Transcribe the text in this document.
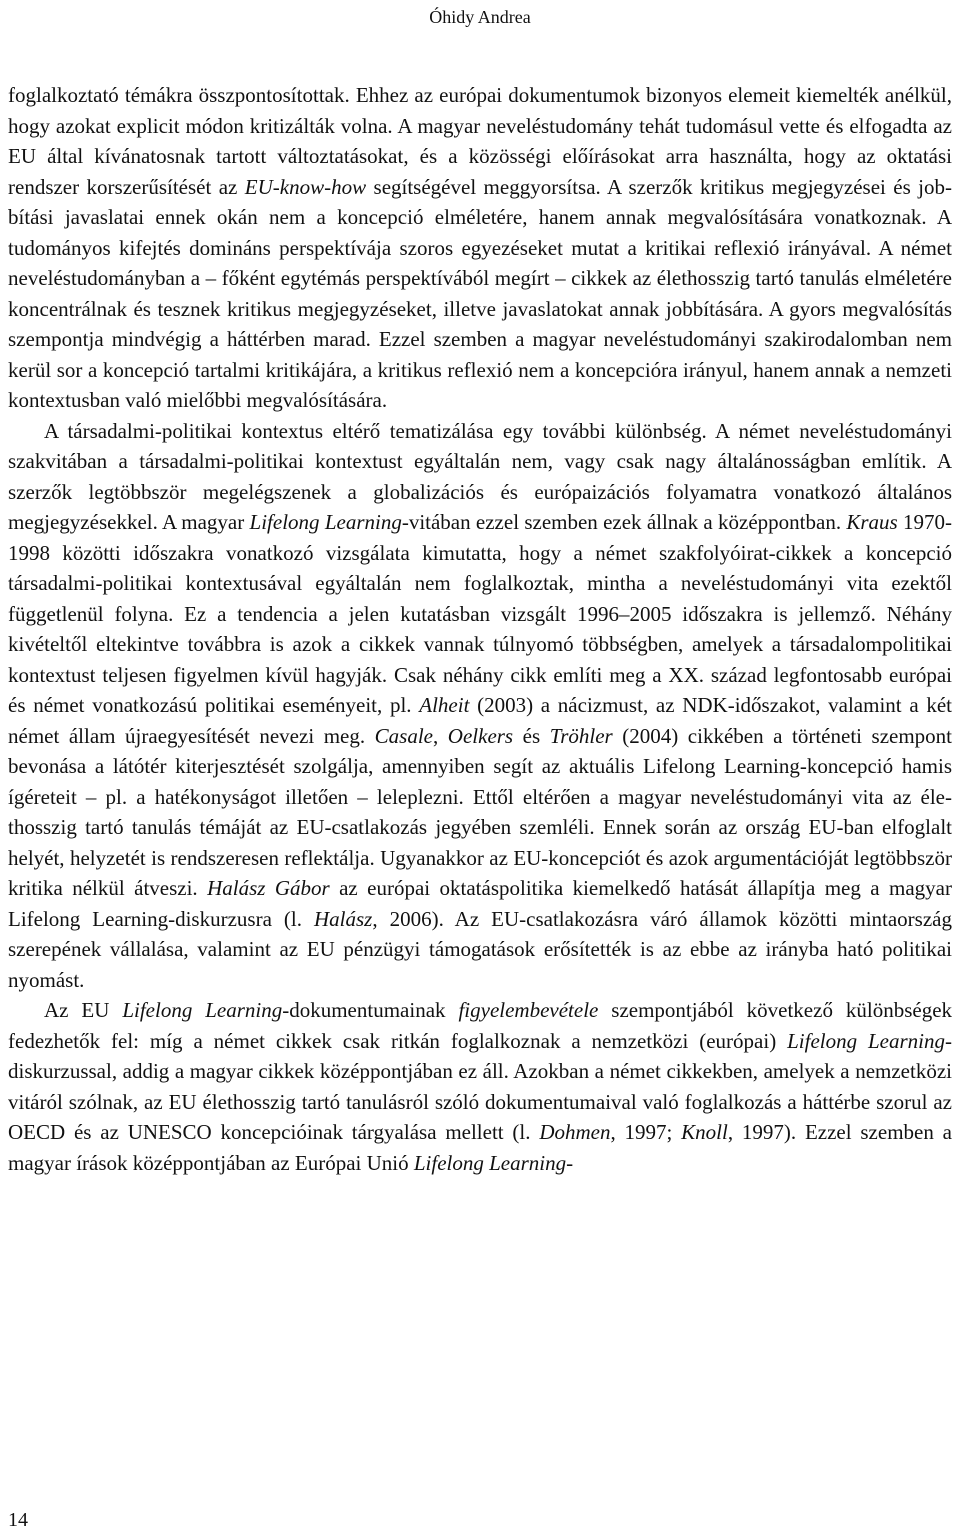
Óhidy Andrea

foglalkoztató témákra összpontosítottak. Ehhez az európai dokumentumok bizonyos elemeit kiemelték anélkül, hogy azokat explicit módon kritizálták volna. A magyar neveléstudomány tehát tudomásul vette és elfogadta az EU által kívánatosnak tartott változtatásokat, és a közösségi előírásokat arra használta, hogy az oktatási rendszer korszerűsítését az EU-know-how segítségével meggyorsítsa. A szerzők kritikus megjegyzései és jobbítási javaslatai ennek okán nem a koncepció elméletére, hanem annak megvalósítására vonatkoznak. A tudományos kifejtés domináns perspektívája szoros egyezéseket mutat a kritikai reflexió irányával. A német neveléstudományban a – főként egytémás perspektívából megírt – cikkek az élethosszig tartó tanulás elméletére koncentrálnak és tesznek kritikus megjegyzéseket, illetve javaslatokat annak jobbítására. A gyors megvalósítás szempontja mindvégig a háttérben marad. Ezzel szemben a magyar neveléstudományi szakirodalomban nem kerül sor a koncepció tartalmi kritikájára, a kritikus reflexió nem a koncepcióra irányul, hanem annak a nemzeti kontextusban való mielőbbi megvalósítására.

A társadalmi-politikai kontextus eltérő tematizálása egy további különbség. A német neveléstudományi szakvitában a társadalmi-politikai kontextust egyáltalán nem, vagy csak nagy általánosságban említik. A szerzők legtöbbször megelégszenek a globalizációs és európaizációs folyamatra vonatkozó általános megjegyzésekkel. A magyar Lifelong Learning-vitában ezzel szemben ezek állnak a középpontban. Kraus 1970-1998 közötti időszakra vonatkozó vizsgálata kimutatta, hogy a német szakfolyóirat-cikkek a koncepció társadalmi-politikai kontextusával egyáltalán nem foglalkoztak, mintha a neveléstudományi vita ezektől függetlenül folyna. Ez a tendencia a jelen kutatásban vizsgált 1996–2005 időszakra is jellemző. Néhány kivételtől eltekintve továbbra is azok a cikkek vannak túlnyomó többségben, amelyek a társadalompolitikai kontextust teljesen figyelmen kívül hagyják. Csak néhány cikk említi meg a XX. század legfontosabb európai és német vonatkozású politikai eseményeit, pl. Alheit (2003) a nácizmust, az NDK-időszakot, valamint a két német állam újraegyesítését nevezi meg. Casale, Oelkers és Tröhler (2004) cikkében a történeti szempont bevonása a látótér kiterjesztését szolgálja, amennyiben segít az aktuális Lifelong Learning-koncepció hamis ígéreteit – pl. a hatékonyságot illetően – leleplezni. Ettől eltérően a magyar neveléstudományi vita az élethosszig tartó tanulás témáját az EU-csatlakozás jegyében szemléli. Ennek során az ország EU-ban elfoglalt helyét, helyzetét is rendszeresen reflektálja. Ugyanakkor az EU-koncepciót és azok argumentációját legtöbbször kritika nélkül átveszi. Halász Gábor az európai oktatáspolitika kiemelkedő hatását állapítja meg a magyar Lifelong Learning-diskurzusra (l. Halász, 2006). Az EU-csatlakozásra váró államok közötti mintaország szerepének vállalása, valamint az EU pénzügyi támogatások erősítették is az ebbe az irányba ható politikai nyomást.

Az EU Lifelong Learning-dokumentumainak figyelembevétele szempontjából következő különbségek fedezhetők fel: míg a német cikkek csak ritkán foglalkoznak a nemzetközi (európai) Lifelong Learning-diskurzussal, addig a magyar cikkek középpontjában ez áll. Azokban a német cikkekben, amelyek a nemzetközi vitáról szólnak, az EU élethosszig tartó tanulásról szóló dokumentumaival való foglalkozás a háttérbe szorul az OECD és az UNESCO koncepcióinak tárgyalása mellett (l. Dohmen, 1997; Knoll, 1997). Ezzel szemben a magyar írások középpontjában az Európai Unió Lifelong Learning-

14
